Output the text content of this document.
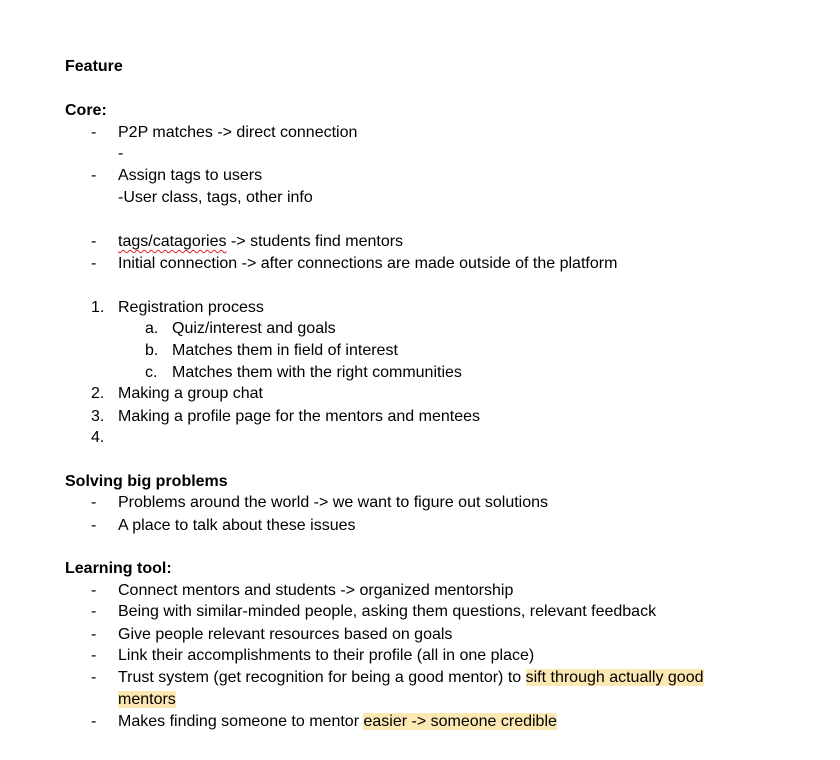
Feature
Core:
- P2P matches -> direct connection
-
- Assign tags to users
-User class, tags, other info
- tags/catagories -> students find mentors
- Initial connection -> after connections are made outside of the platform
1. Registration process
a. Quiz/interest and goals
b. Matches them in field of interest
c. Matches them with the right communities
2. Making a group chat
3. Making a profile page for the mentors and mentees
4.
Solving big problems
- Problems around the world -> we want to figure out solutions
- A place to talk about these issues
Learning tool:
- Connect mentors and students -> organized mentorship
- Being with similar-minded people, asking them questions, relevant feedback
- Give people relevant resources based on goals
- Link their accomplishments to their profile (all in one place)
- Trust system (get recognition for being a good mentor) to sift through actually good
mentors
- Makes finding someone to mentor easier -> someone credible
